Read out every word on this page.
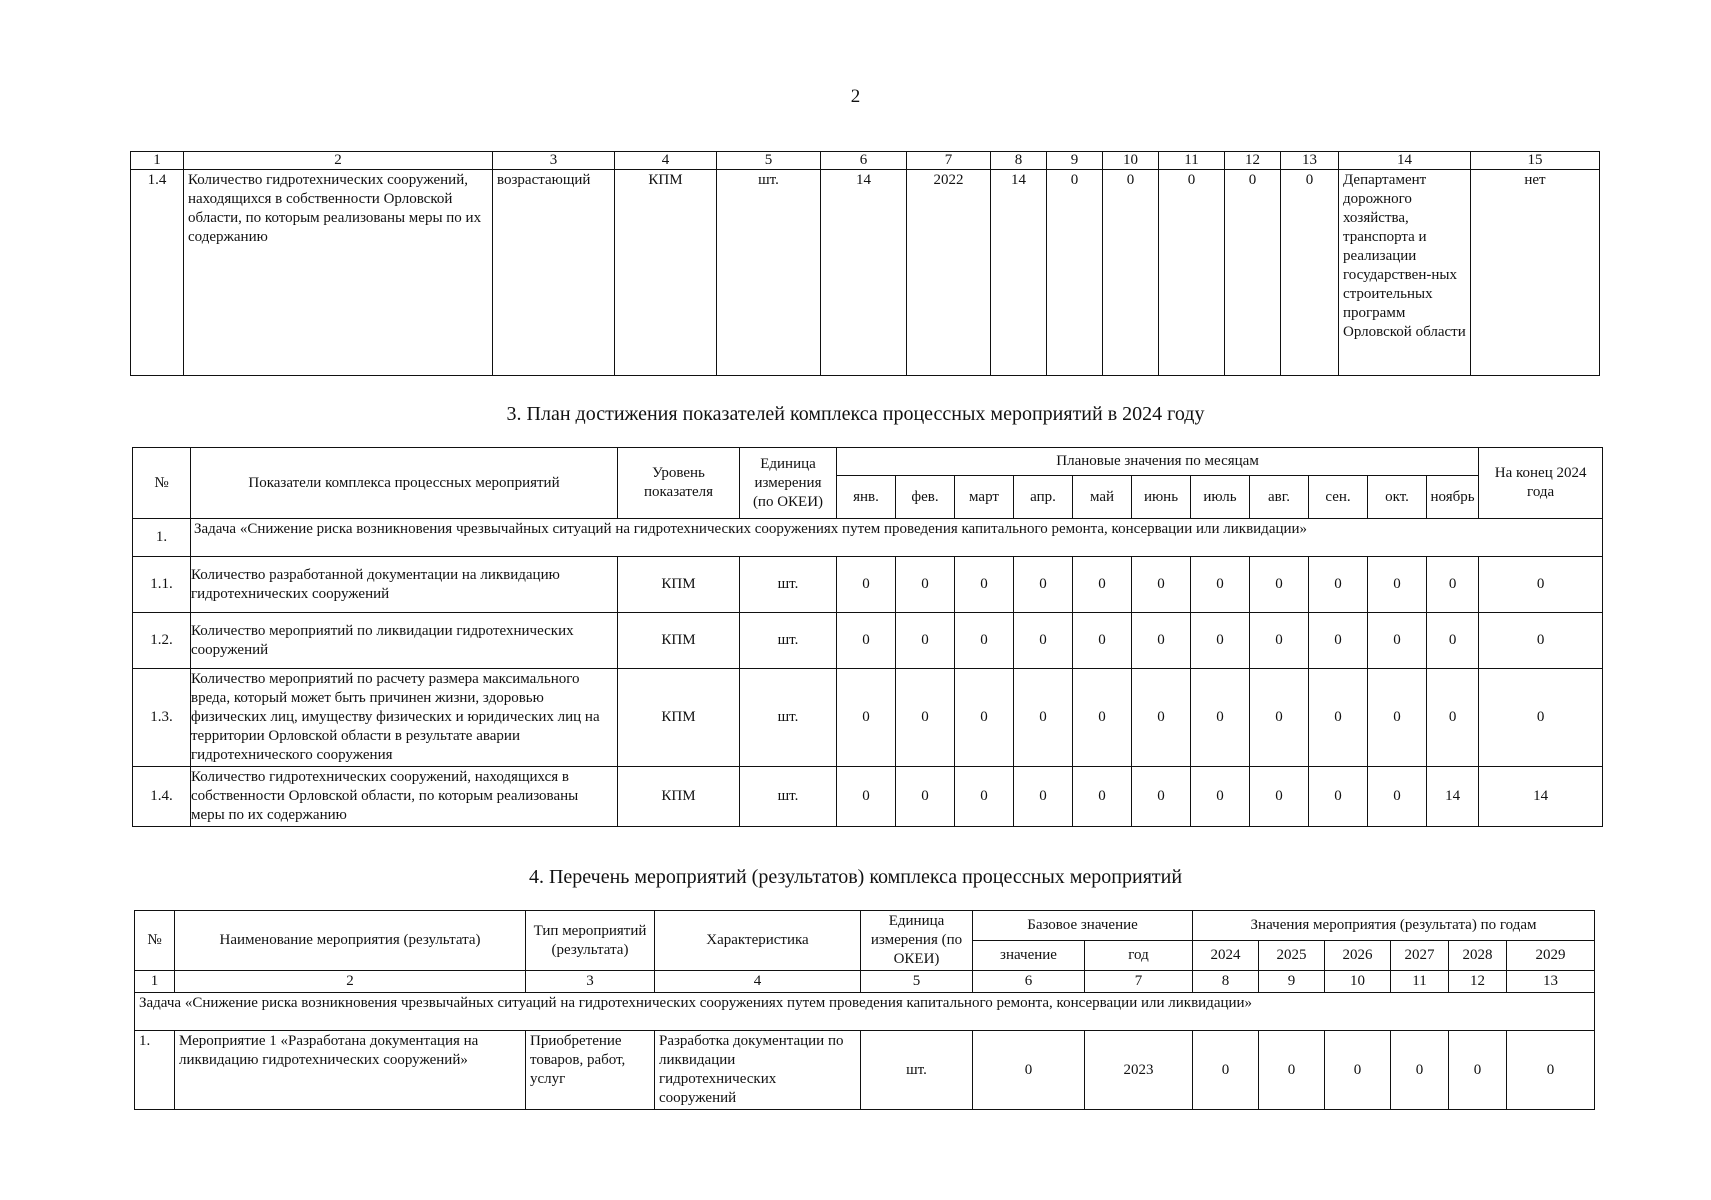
2
1	2	3	4	5	6	7	8	9	10	11	12	13	14	15
1.4	Количество гидротехнических сооружений, находящихся в собственности Орловской области, по которым реализованы меры по их содержанию	возрастающий	КПМ	шт.	14	2022	14	0	0	0	0	0	Департамент дорожного хозяйства, транспорта и реализации государствен-ных строительных программ Орловской области	нет
3. План достижения показателей комплекса процессных мероприятий в 2024 году
№	Показатели комплекса процессных мероприятий	Уровень показателя	Единица измерения (по ОКЕИ)	Плановые значения по месяцам											На конец 2024 года
				янв.	фев.	март	апр.	май	июнь	июль	авг.	сен.	окт.	ноябрь	
1.	Задача «Снижение риска возникновения чрезвычайных ситуаций на гидротехнических сооружениях путем проведения капитального ремонта, консервации или ликвидации»														
1.1.	Количество разработанной документации на ликвидацию гидротехнических сооружений	КПМ	шт.	0	0	0	0	0	0	0	0	0	0	0	0
1.2.	Количество мероприятий по ликвидации гидротехнических сооружений	КПМ	шт.	0	0	0	0	0	0	0	0	0	0	0	0
1.3.	Количество мероприятий по расчету размера максимального вреда, который может быть причинен жизни, здоровью физических лиц, имуществу физических и юридических лиц на территории Орловской области в результате аварии гидротехнического сооружения	КПМ	шт.	0	0	0	0	0	0	0	0	0	0	0	0
1.4.	Количество гидротехнических сооружений, находящихся в собственности Орловской области, по которым реализованы меры по их содержанию	КПМ	шт.	0	0	0	0	0	0	0	0	0	0	14	14
4. Перечень мероприятий (результатов) комплекса процессных мероприятий
№	Наименование мероприятия (результата)	Тип мероприятий (результата)	Характеристика	Единица измерения (по ОКЕИ)	Базовое значение		Значения мероприятия (результата) по годам					
					значение	год	2024	2025	2026	2027	2028	2029
1	2	3	4	5	6	7	8	9	10	11	12	13
Задача «Снижение риска возникновения чрезвычайных ситуаций на гидротехнических сооружениях путем проведения капитального ремонта, консервации или ликвидации»												
1.	Мероприятие 1 «Разработана документация на ликвидацию гидротехнических сооружений»	Приобретение товаров, работ, услуг	Разработка документации по ликвидации гидротехнических сооружений	шт.	0	2023	0	0	0	0	0	0
